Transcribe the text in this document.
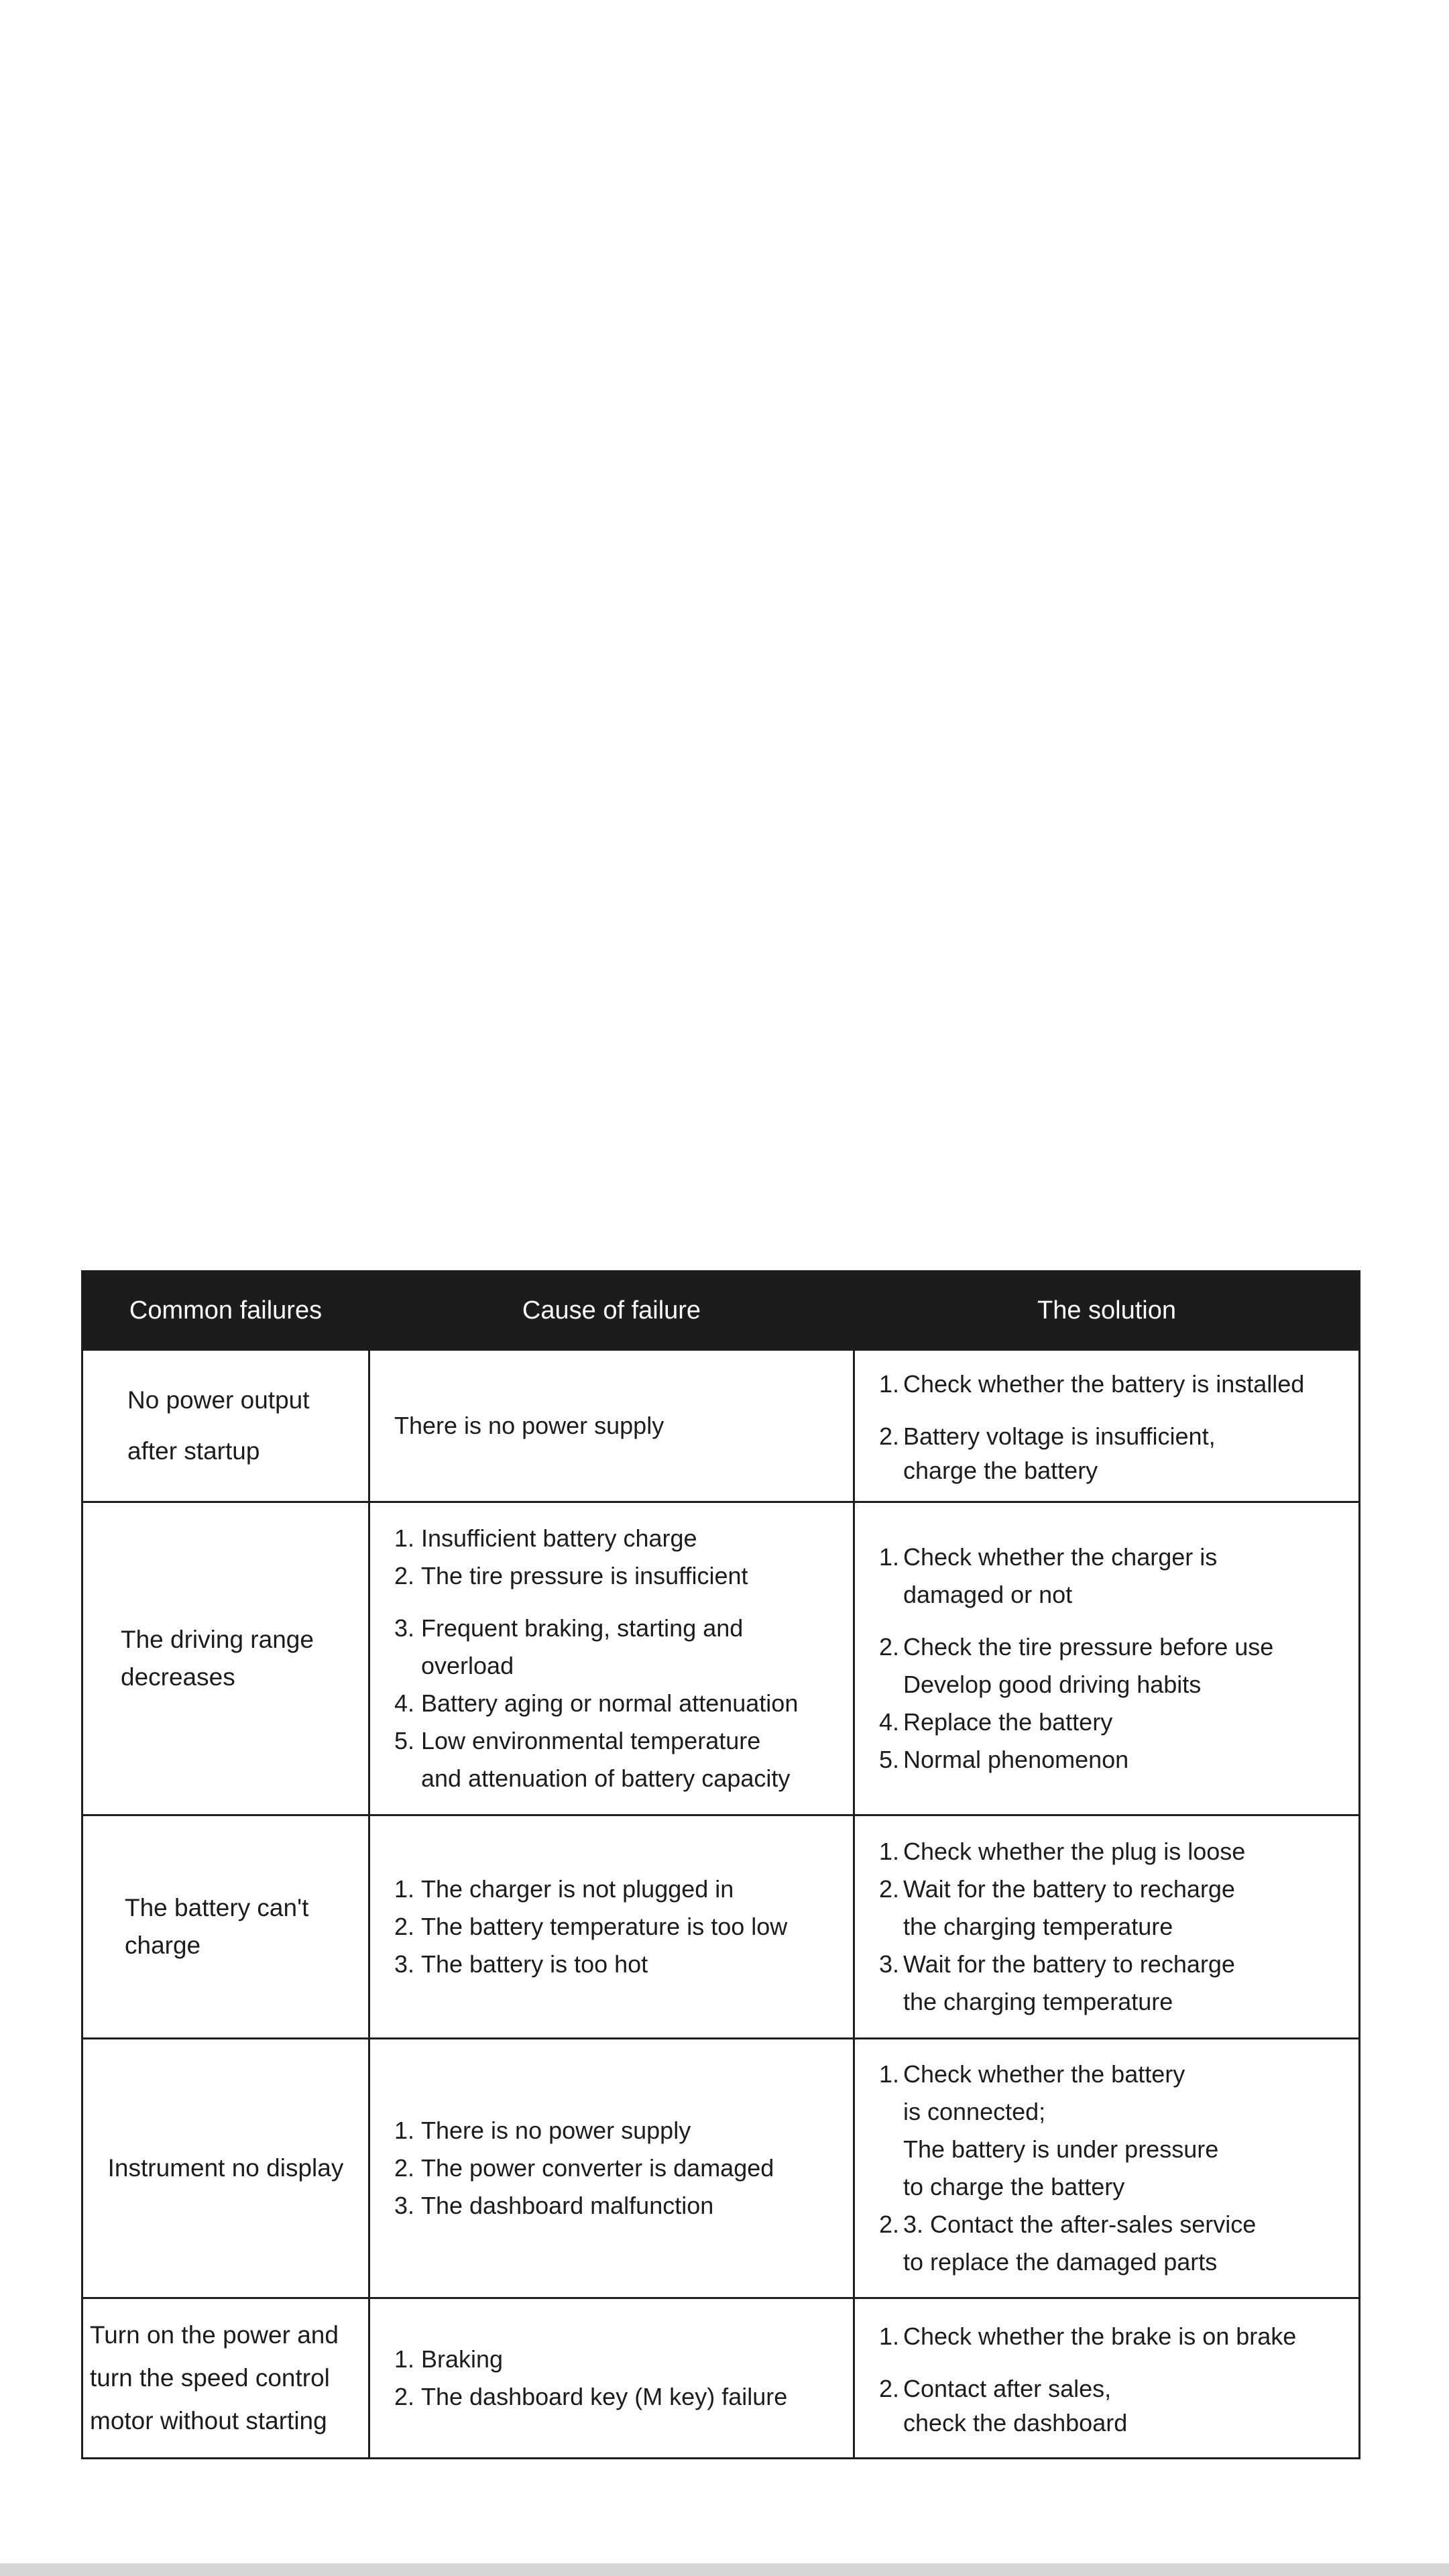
Common failures	Cause of failure	The solution
No power output
after startup
There is no power supply
1. Check whether the battery is installed
2. Battery voltage is insufficient,
charge the battery
The driving range
decreases
1. Insufficient battery charge
2. The tire pressure is insufficient
3. Frequent braking, starting and
overload
4. Battery aging or normal attenuation
5. Low environmental temperature
and attenuation of battery capacity
1. Check whether the charger is
damaged or not
2. Check the tire pressure before use
Develop good driving habits
4. Replace the battery
5. Normal phenomenon
The battery can't
charge
1. The charger is not plugged in
2. The battery temperature is too low
3. The battery is too hot
1. Check whether the plug is loose
2. Wait for the battery to recharge
the charging temperature
3. Wait for the battery to recharge
the charging temperature
Instrument no display
1. There is no power supply
2. The power converter is damaged
3. The dashboard malfunction
1. Check whether the battery
is connected;
The battery is under pressure
to charge the battery
2. 3. Contact the after-sales service
to replace the damaged parts
Turn on the power and
turn the speed control
motor without starting
1. Braking
2. The dashboard key (M key) failure
1. Check whether the brake is on brake
2. Contact after sales,
check the dashboard
